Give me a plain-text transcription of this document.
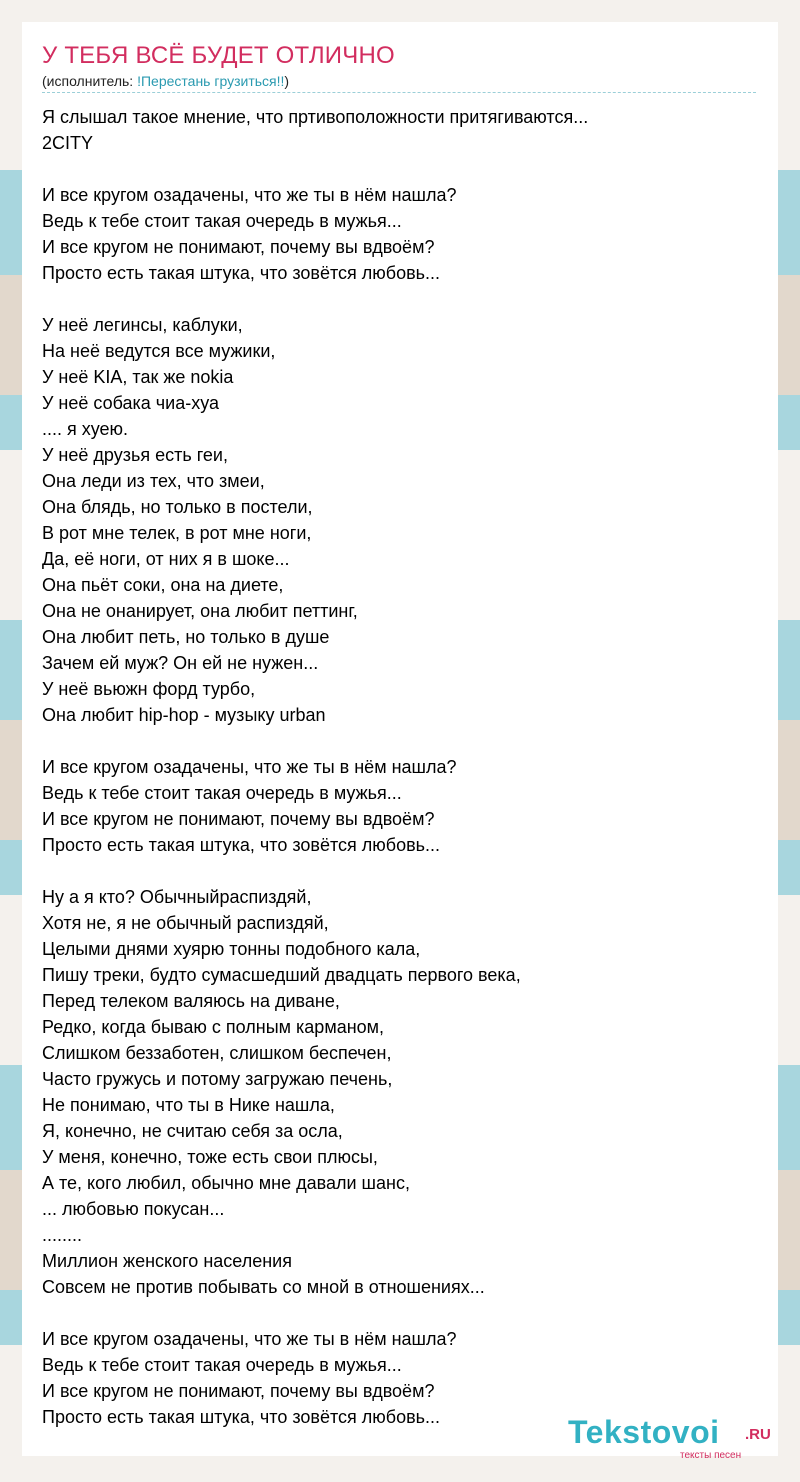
У ТЕБЯ ВСЁ БУДЕТ ОТЛИЧНО
(исполнитель: !Перестань грузиться!!)
Я слышал такое мнение, что пртивоположности притягиваются...
2CITY
И все кругом озадачены, что же ты в нём нашла?
Ведь к тебе стоит такая очередь в мужья...
И все кругом не понимают, почему вы вдвоём?
Просто есть такая штука, что зовётся любовь...
У неё легинсы, каблуки,
На неё ведутся все мужики,
У неё KIA, так же nokia
У неё собака чиа-хуа
.... я хуею.
У неё друзья есть геи,
Она леди из тех, что змеи,
Она блядь, но только в постели,
В рот мне телек, в рот мне ноги,
Да, её ноги, от них я в шоке...
Она пьёт соки, она на диете,
Она не онанирует, она любит петтинг,
Она любит петь, но только в душе
Зачем ей муж? Он ей не нужен...
У неё вьюжн форд турбо,
Она любит hip-hop - музыку urban
И все кругом озадачены, что же ты в нём нашла?
Ведь к тебе стоит такая очередь в мужья...
И все кругом не понимают, почему вы вдвоём?
Просто есть такая штука, что зовётся любовь...
Ну а я кто? Обычныйраспиздяй,
Хотя не, я не обычный распиздяй,
Целыми днями хуярю тонны подобного кала,
Пишу треки, будто сумасшедший двадцать первого века,
Перед телеком валяюсь на диване,
Редко, когда бываю с полным карманом,
Слишком беззаботен, слишком беспечен,
Часто гружусь и потому загружаю печень,
Не понимаю, что ты в Нике нашла,
Я, конечно, не считаю себя за осла,
У меня, конечно, тоже есть свои плюсы,
А те, кого любил, обычно мне давали шанс,
... любовью покусан...
........
Миллион женского населения
Совсем не против побывать со мной в отношениях...
И все кругом озадачены, что же ты в нём нашла?
Ведь к тебе стоит такая очередь в мужья...
И все кругом не понимают, почему вы вдвоём?
Просто есть такая штука, что зовётся любовь...	Tekstovoi .RU
тексты песен
